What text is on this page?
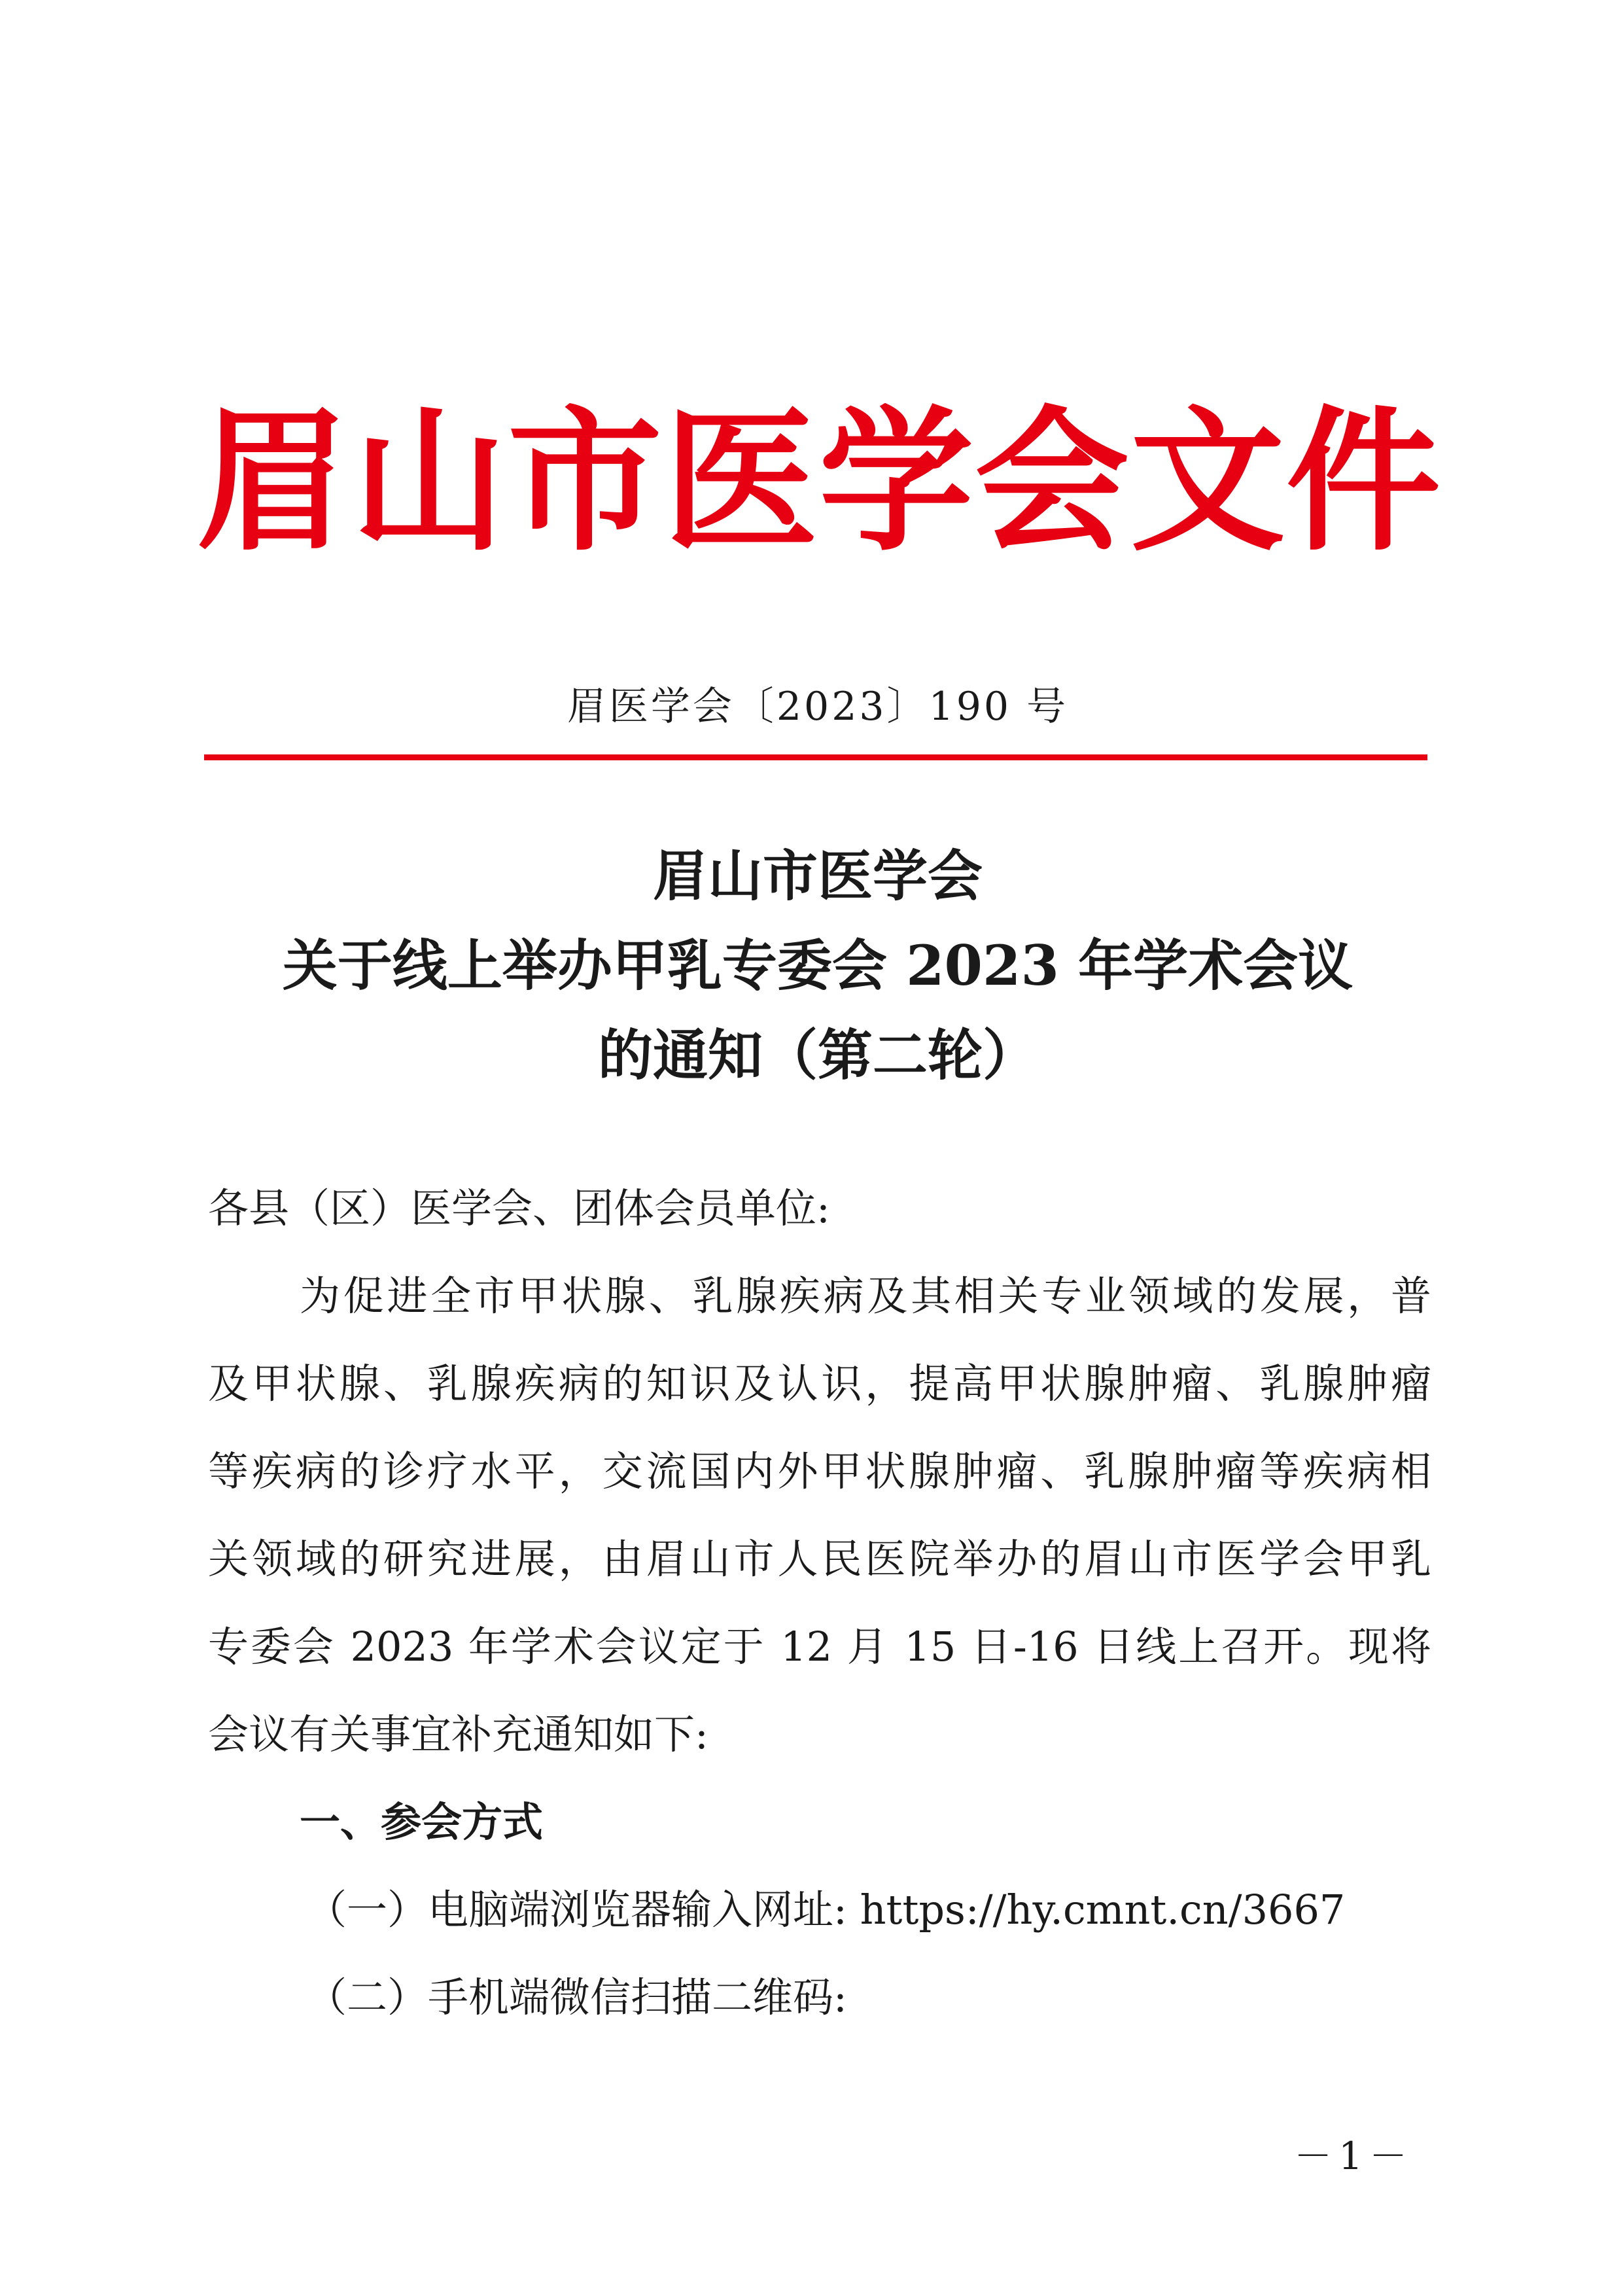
眉山市医学会文件
眉医学会〔2023〕190 号
眉山市医学会
关于线上举办甲乳专委会 2023 年学术会议
的通知（第二轮）
各县（区）医学会、团体会员单位:
为促进全市甲状腺、乳腺疾病及其相关专业领域的发展，普
及甲状腺、乳腺疾病的知识及认识，提高甲状腺肿瘤、乳腺肿瘤
等疾病的诊疗水平，交流国内外甲状腺肿瘤、乳腺肿瘤等疾病相
关领域的研究进展，由眉山市人民医院举办的眉山市医学会甲乳
专委会 2023 年学术会议定于 12 月 15 日-16 日线上召开。现将
会议有关事宜补充通知如下:
一、参会方式
（一）电脑端浏览器输入网址: https://hy.cmnt.cn/3667
（二）手机端微信扫描二维码:
－1－
